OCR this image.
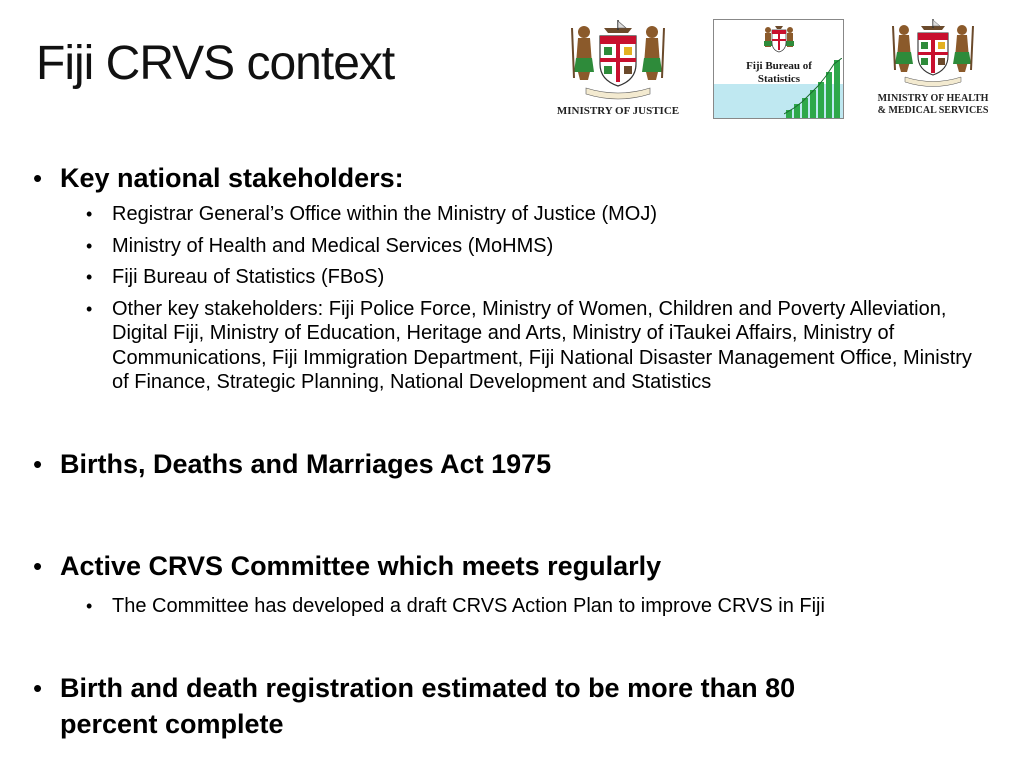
Fiji CRVS context
MINISTRY OF JUSTICE
Fiji Bureau of
Statistics
MINISTRY OF HEALTH
& MEDICAL SERVICES
• Key national stakeholders:
• Registrar General’s Office within the Ministry of Justice (MOJ)
• Ministry of Health and Medical Services (MoHMS)
• Fiji Bureau of Statistics (FBoS)
• Other key stakeholders: Fiji Police Force, Ministry of Women, Children and Poverty Alleviation, Digital Fiji, Ministry of Education, Heritage and Arts, Ministry of iTaukei Affairs, Ministry of Communications, Fiji Immigration Department, Fiji National Disaster Management Office, Ministry of Finance, Strategic Planning, National Development and Statistics
• Births, Deaths and Marriages Act 1975
• Active CRVS Committee which meets regularly
• The Committee has developed a draft CRVS Action Plan to improve CRVS in Fiji
• Birth and death registration estimated to be more than 80
percent complete
